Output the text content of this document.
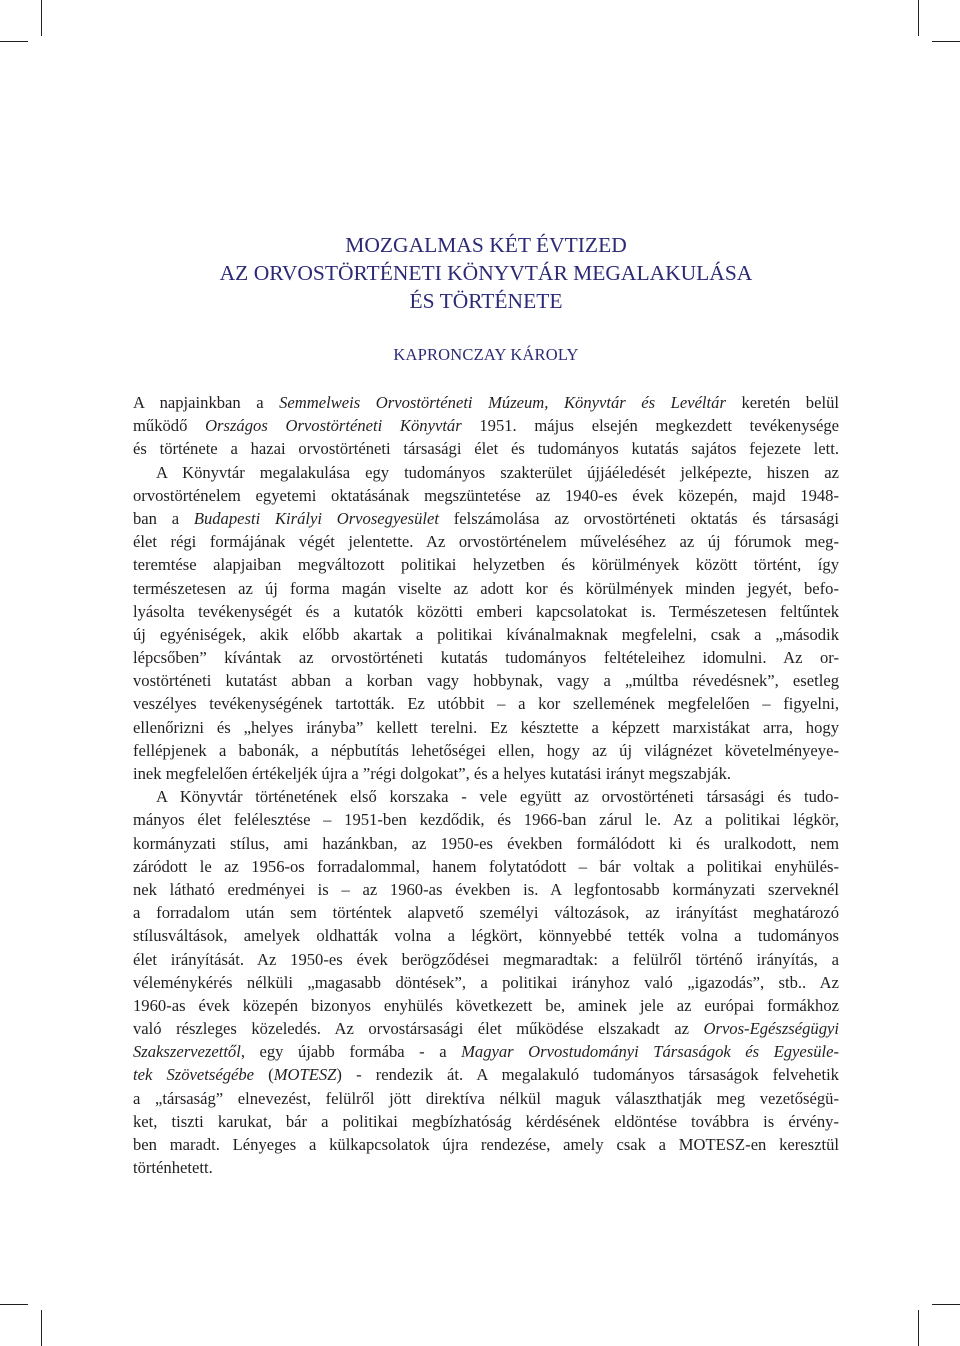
MOZGALMAS KÉT ÉVTIZED
AZ ORVOSTÖRTÉNETI KÖNYVTÁR MEGALAKULÁSA
ÉS TÖRTÉNETE
KAPRONCZAY KÁROLY
A napjainkban a Semmelweis Orvostörténeti Múzeum, Könyvtár és Levéltár keretén belül
működő Országos Orvostörténeti Könyvtár 1951. május elsején megkezdett tevékenysége
és története a hazai orvostörténeti társasági élet és tudományos kutatás sajátos fejezete lett.
A Könyvtár megalakulása egy tudományos szakterület újjáéledését jelképezte, hiszen az
orvostörténelem egyetemi oktatásának megszüntetése az 1940-es évek közepén, majd 1948-
ban a Budapesti Királyi Orvosegyesület felszámolása az orvostörténeti oktatás és társasági
élet régi formájának végét jelentette. Az orvostörténelem műveléséhez az új fórumok meg-
teremtése alapjaiban megváltozott politikai helyzetben és körülmények között történt, így
természetesen az új forma magán viselte az adott kor és körülmények minden jegyét, befo-
lyásolta tevékenységét és a kutatók közötti emberi kapcsolatokat is. Természetesen feltűntek
új egyéniségek, akik előbb akartak a politikai kívánalmaknak megfelelni, csak a „második
lépcsőben” kívántak az orvostörténeti kutatás tudományos feltételeihez idomulni. Az or-
vostörténeti kutatást abban a korban vagy hobbynak, vagy a „múltba révedésnek”, esetleg
veszélyes tevékenységének tartották. Ez utóbbit – a kor szellemének megfelelően – figyelni,
ellenőrizni és „helyes irányba” kellett terelni. Ez késztette a képzett marxistákat arra, hogy
fellépjenek a babonák, a népbutítás lehetőségei ellen, hogy az új világnézet követelményeye-
inek megfelelően értékeljék újra a ”régi dolgokat”, és a helyes kutatási irányt megszabják.
A Könyvtár történetének első korszaka - vele együtt az orvostörténeti társasági és tudo-
mányos élet felélesztése – 1951-ben kezdődik, és 1966-ban zárul le. Az a politikai légkör,
kormányzati stílus, ami hazánkban, az 1950-es években formálódott ki és uralkodott, nem
záródott le az 1956-os forradalommal, hanem folytatódott – bár voltak a politikai enyhülés-
nek látható eredményei is – az 1960-as években is. A legfontosabb kormányzati szerveknél
a forradalom után sem történtek alapvető személyi változások, az irányítást meghatározó
stílusváltások, amelyek oldhatták volna a légkört, könnyebbé tették volna a tudományos
élet irányítását. Az 1950-es évek berögződései megmaradtak: a felülről történő irányítás, a
véleménykérés nélküli „magasabb döntések”, a politikai irányhoz való „igazodás”, stb.. Az
1960-as évek közepén bizonyos enyhülés következett be, aminek jele az európai formákhoz
való részleges közeledés. Az orvostársasági élet működése elszakadt az Orvos-Egészségügyi
Szakszervezettől, egy újabb formába - a Magyar Orvostudományi Társaságok és Egyesüle-
tek Szövetségébe (MOTESZ) - rendezik át. A megalakuló tudományos társaságok felvehetik
a „társaság” elnevezést, felülről jött direktíva nélkül maguk választhatják meg vezetőségü-
ket, tiszti karukat, bár a politikai megbízhatóság kérdésének eldöntése továbbra is érvény-
ben maradt. Lényeges a külkapcsolatok újra rendezése, amely csak a MOTESZ-en keresztül
történhetett.
